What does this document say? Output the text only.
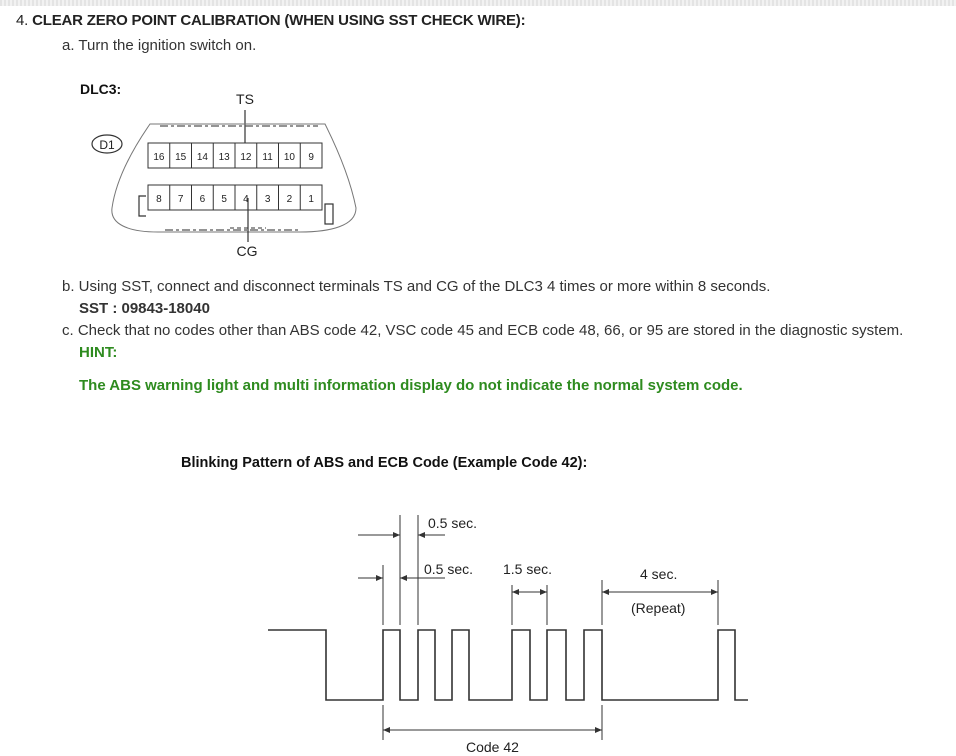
4. CLEAR ZERO POINT CALIBRATION (WHEN USING SST CHECK WIRE):
a. Turn the ignition switch on.
DLC3:
TS
D1
16 15 14 13 12 11 10 9
8 7 6 5 4 3 2 1
CG
b. Using SST, connect and disconnect terminals TS and CG of the DLC3 4 times or more within 8 seconds.
SST : 09843-18040
c. Check that no codes other than ABS code 42, VSC code 45 and ECB code 48, 66, or 95 are stored in the diagnostic system.
HINT:
The ABS warning light and multi information display do not indicate the normal system code.
Blinking Pattern of ABS and ECB Code (Example Code 42):
0.5 sec.
0.5 sec. 1.5 sec.	4 sec.
(Repeat)
Code 42
